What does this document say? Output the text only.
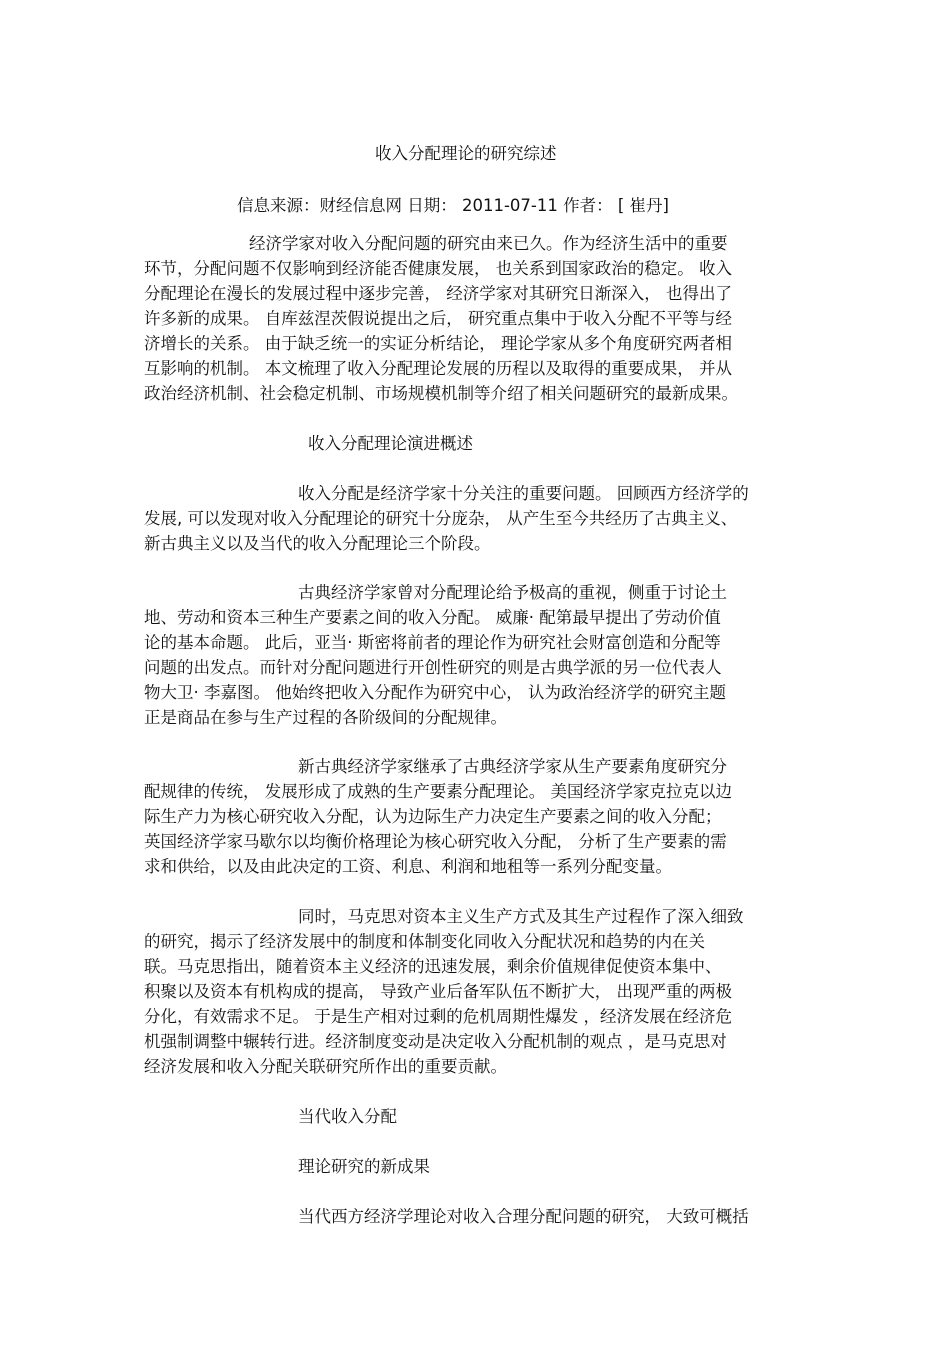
收入分配理论的研究综述
信息来源：财经信息网 日期： 2011-07-11 作者： [ 崔丹]
经济学家对收入分配问题的研究由来已久。作为经济生活中的重要
环节，分配问题不仅影响到经济能否健康发展， 也关系到国家政治的稳定。 收入
分配理论在漫长的发展过程中逐步完善， 经济学家对其研究日渐深入， 也得出了
许多新的成果。 自库兹涅茨假说提出之后， 研究重点集中于收入分配不平等与经
济增长的关系。 由于缺乏统一的实证分析结论， 理论学家从多个角度研究两者相
互影响的机制。 本文梳理了收入分配理论发展的历程以及取得的重要成果， 并从
政治经济机制、社会稳定机制、市场规模机制等介绍了相关问题研究的最新成果。
收入分配理论演进概述
收入分配是经济学家十分关注的重要问题。 回顾西方经济学的
发展, 可以发现对收入分配理论的研究十分庞杂， 从产生至今共经历了古典主义、
新古典主义以及当代的收入分配理论三个阶段。
古典经济学家曾对分配理论给予极高的重视，侧重于讨论土
地、劳动和资本三种生产要素之间的收入分配。 威廉· 配第最早提出了劳动价值
论的基本命题。 此后，亚当· 斯密将前者的理论作为研究社会财富创造和分配等
问题的出发点。而针对分配问题进行开创性研究的则是古典学派的另一位代表人
物大卫· 李嘉图。 他始终把收入分配作为研究中心， 认为政治经济学的研究主题
正是商品在参与生产过程的各阶级间的分配规律。
新古典经济学家继承了古典经济学家从生产要素角度研究分
配规律的传统， 发展形成了成熟的生产要素分配理论。 美国经济学家克拉克以边
际生产力为核心研究收入分配，认为边际生产力决定生产要素之间的收入分配；
英国经济学家马歇尔以均衡价格理论为核心研究收入分配， 分析了生产要素的需
求和供给，以及由此决定的工资、利息、利润和地租等一系列分配变量。
同时，马克思对资本主义生产方式及其生产过程作了深入细致
的研究，揭示了经济发展中的制度和体制变化同收入分配状况和趋势的内在关
联。马克思指出，随着资本主义经济的迅速发展，剩余价值规律促使资本集中、
积聚以及资本有机构成的提高， 导致产业后备军队伍不断扩大， 出现严重的两极
分化，有效需求不足。 于是生产相对过剩的危机周期性爆发 ，经济发展在经济危
机强制调整中辗转行进。经济制度变动是决定收入分配机制的观点 ，是马克思对
经济发展和收入分配关联研究所作出的重要贡献。
当代收入分配
理论研究的新成果
当代西方经济学理论对收入合理分配问题的研究， 大致可概括
